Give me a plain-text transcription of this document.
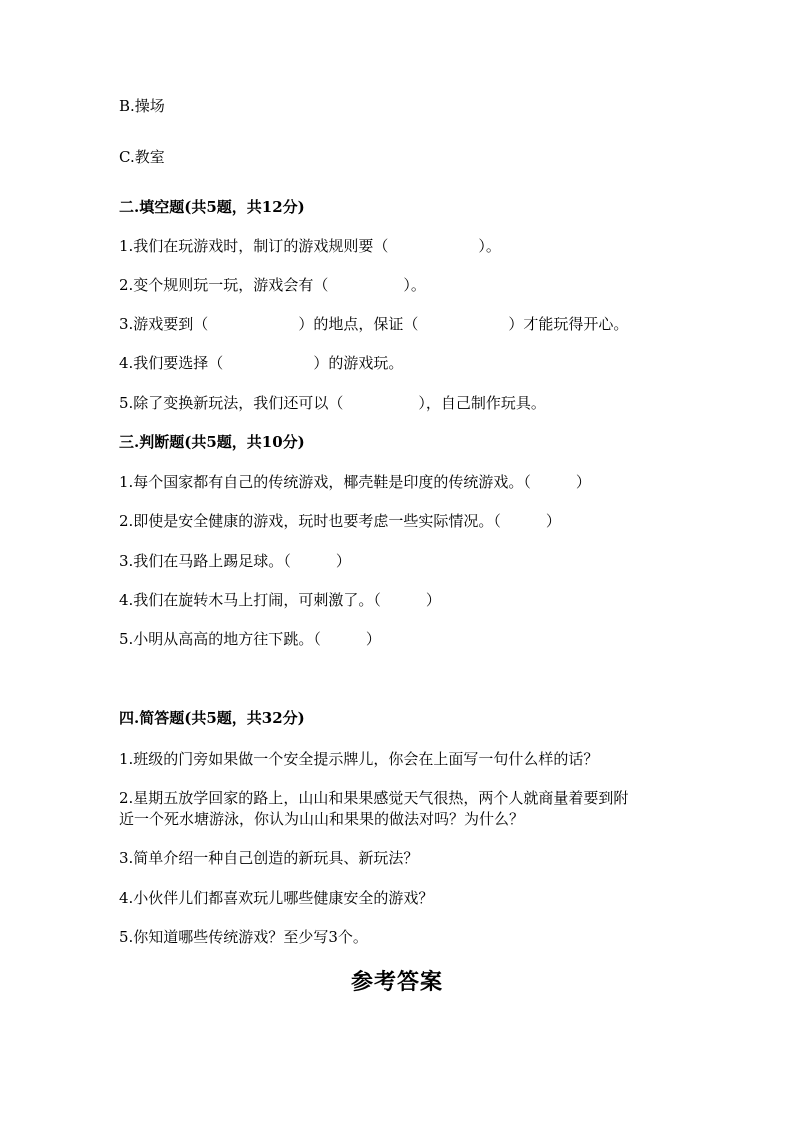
B.操场
C.教室
二.填空题(共5题，共12分)
1.我们在玩游戏时，制订的游戏规则要（　　　　　　）。
2.变个规则玩一玩，游戏会有（　　　　　）。
3.游戏要到（　　　　　　）的地点，保证（　　　　　　）才能玩得开心。
4.我们要选择（　　　　　　）的游戏玩。
5.除了变换新玩法，我们还可以（　　　　　），自己制作玩具。
三.判断题(共5题，共10分)
1.每个国家都有自己的传统游戏，椰壳鞋是印度的传统游戏。（　　　）
2.即使是安全健康的游戏，玩时也要考虑一些实际情况。（　　　）
3.我们在马路上踢足球。（　　　）
4.我们在旋转木马上打闹，可刺激了。（　　　）
5.小明从高高的地方往下跳。（　　　）
四.简答题(共5题，共32分)
1.班级的门旁如果做一个安全提示牌儿，你会在上面写一句什么样的话？
2.星期五放学回家的路上，山山和果果感觉天气很热，两个人就商量着要到附
近一个死水塘游泳，你认为山山和果果的做法对吗？为什么？
3.简单介绍一种自己创造的新玩具、新玩法？
4.小伙伴儿们都喜欢玩儿哪些健康安全的游戏？
5.你知道哪些传统游戏？至少写3个。
参考答案
